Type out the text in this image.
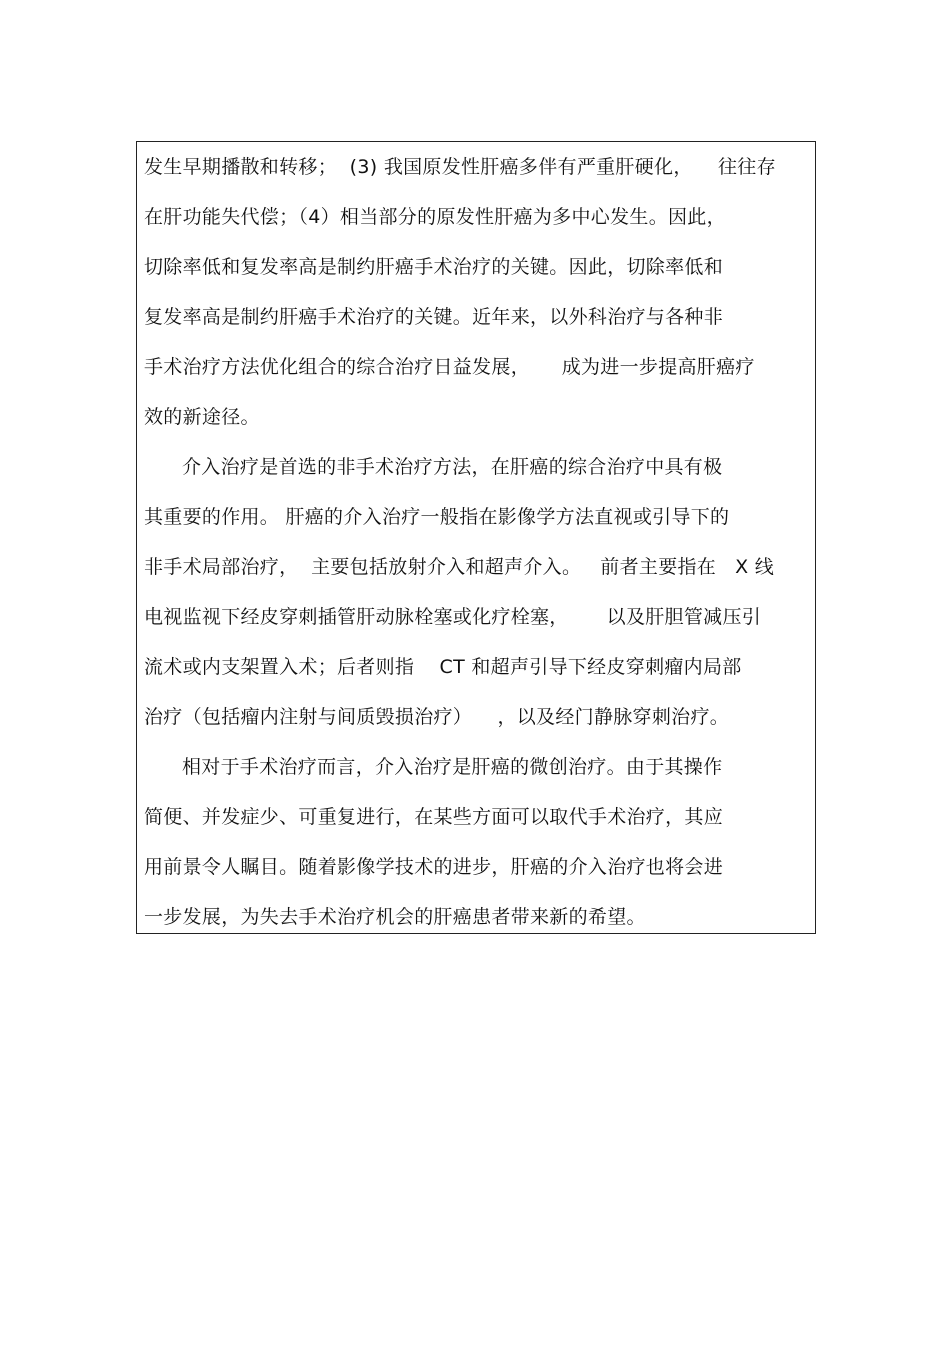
发生早期播散和转移；  (3) 我国原发性肝癌多伴有严重肝硬化，    往往存
在肝功能失代偿；（4）相当部分的原发性肝癌为多中心发生。因此，
切除率低和复发率高是制约肝癌手术治疗的关键。因此，切除率低和
复发率高是制约肝癌手术治疗的关键。近年来，以外科治疗与各种非
手术治疗方法优化组合的综合治疗日益发展，     成为进一步提高肝癌疗
效的新途径。
介入治疗是首选的非手术治疗方法，在肝癌的综合治疗中具有极
其重要的作用。 肝癌的介入治疗一般指在影像学方法直视或引导下的
非手术局部治疗，  主要包括放射介入和超声介入。   前者主要指在   X 线
电视监视下经皮穿刺插管肝动脉栓塞或化疗栓塞，      以及肝胆管减压引
流术或内支架置入术；后者则指    CT 和超声引导下经皮穿刺瘤内局部
治疗（包括瘤内注射与间质毁损治疗）    ，以及经门静脉穿刺治疗。
相对于手术治疗而言，介入治疗是肝癌的微创治疗。由于其操作
简便、并发症少、可重复进行，在某些方面可以取代手术治疗，其应
用前景令人瞩目。随着影像学技术的进步，肝癌的介入治疗也将会进
一步发展，为失去手术治疗机会的肝癌患者带来新的希望。
